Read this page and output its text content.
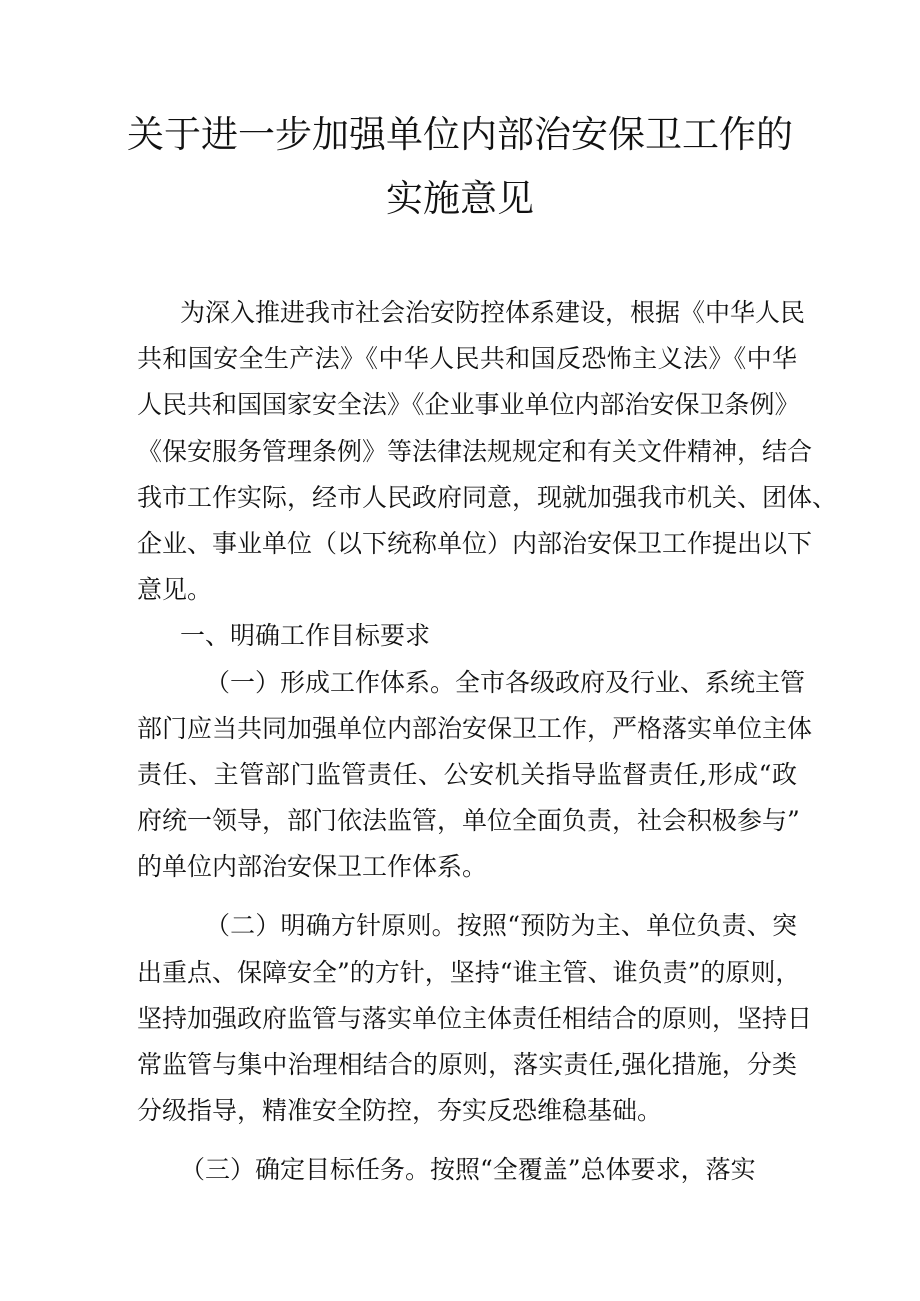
关于进一步加强单位内部治安保卫工作的
实施意见
为深入推进我市社会治安防控体系建设，根据《中华人民
共和国安全生产法》《中华人民共和国反恐怖主义法》《中华
人民共和国国家安全法》《企业事业单位内部治安保卫条例》
《保安服务管理条例》等法律法规规定和有关文件精神，结合
我市工作实际，经市人民政府同意，现就加强我市机关、团体、
企业、事业单位（以下统称单位）内部治安保卫工作提出以下
意见。
一、明确工作目标要求
（一）形成工作体系。全市各级政府及行业、系统主管
部门应当共同加强单位内部治安保卫工作，严格落实单位主体
责任、主管部门监管责任、公安机关指导监督责任,形成“政
府统一领导，部门依法监管，单位全面负责，社会积极参与”
的单位内部治安保卫工作体系。
（二）明确方针原则。按照“预防为主、单位负责、突
出重点、保障安全”的方针，坚持“谁主管、谁负责”的原则，
坚持加强政府监管与落实单位主体责任相结合的原则，坚持日
常监管与集中治理相结合的原则，落实责任,强化措施，分类
分级指导，精准安全防控，夯实反恐维稳基础。
（三）确定目标任务。按照“全覆盖”总体要求，落实
